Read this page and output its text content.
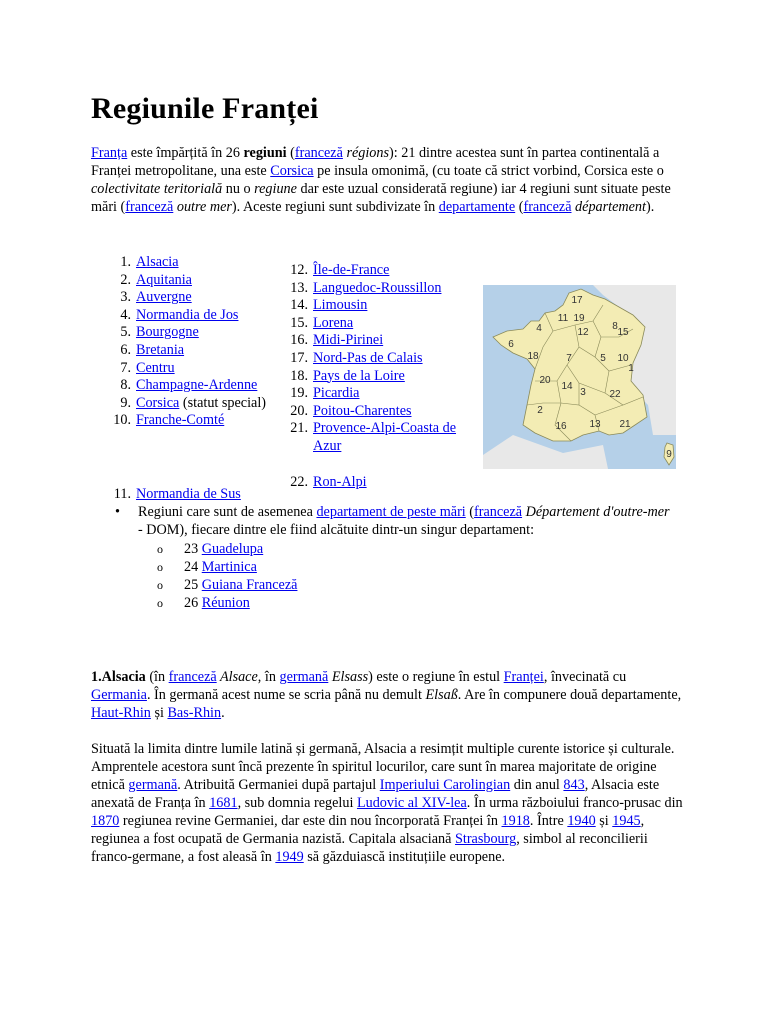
Regiunile Franței

Franța este împărțită în 26 regiuni (franceză régions): 21 dintre acestea sunt în partea continentală a Franței metropolitane, una este Corsica pe insula omonimă, (cu toate că strict vorbind, Corsica este o colectivitate teritorială nu o regiune dar este uzual considerată regiune) iar 4 regiuni sunt situate peste mări (franceză outre mer). Aceste regiuni sunt subdivizate în departamente (franceză département).

1. Alsacia
2. Aquitania
3. Auvergne
4. Normandia de Jos
5. Bourgogne
6. Bretania
7. Centru
8. Champagne-Ardenne
9. Corsica (statut special)
10. Franche-Comté
12. Île-de-France
13. Languedoc-Roussillon
14. Limousin
15. Lorena
16. Midi-Pirinei
17. Nord-Pas de Calais
18. Pays de la Loire
19. Picardia
20. Poitou-Charentes
21. Provence-Alpi-Coasta de Azur
22. Ron-Alpi
11. Normandia de Sus
• Regiuni care sunt de asemenea departament de peste mări (franceză Département d'outre-mer - DOM), fiecare dintre ele fiind alcătuite dintr-un singur departament:
o 23 Guadelupa
o 24 Martinica
o 25 Guiana Franceză
o 26 Réunion
1
2
3
4
5
6
7
8
9
10
11
12
13
14
15
16
17
18
19
20
21
22

1.Alsacia (în franceză Alsace, în germană Elsass) este o regiune în estul Franței, învecinată cu Germania. În germană acest nume se scria până nu demult Elsaß. Are în compunere două departamente, Haut-Rhin și Bas-Rhin.

Situată la limita dintre lumile latină și germană, Alsacia a resimțit multiple curente istorice și culturale. Amprentele acestora sunt încă prezente în spiritul locurilor, care sunt în marea majoritate de origine etnică germană. Atribuită Germaniei după partajul Imperiului Carolingian din anul 843, Alsacia este anexată de Franța în 1681, sub domnia regelui Ludovic al XIV-lea. În urma războiului franco-prusac din 1870 regiunea revine Germaniei, dar este din nou încorporată Franței în 1918. Între 1940 și 1945, regiunea a fost ocupată de Germania nazistă. Capitala alsaciană Strasbourg, simbol al reconcilierii franco-germane, a fost aleasă în 1949 să găzduiască instituțiile europene.
